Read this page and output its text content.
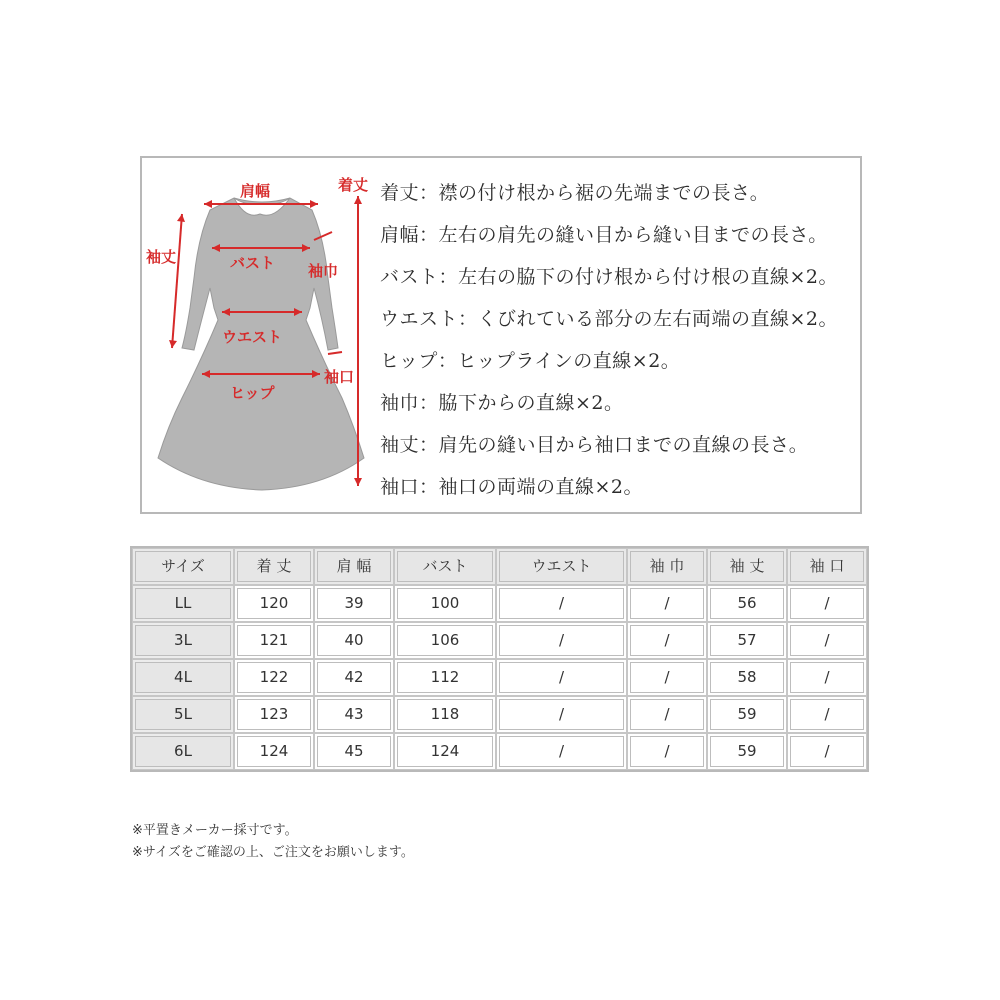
着丈
肩幅
袖丈	バスト 袖巾
ウエスト
袖口
ヒップ
着丈：襟の付け根から裾の先端までの長さ。
肩幅：左右の肩先の縫い目から縫い目までの長さ。
バスト：左右の脇下の付け根から付け根の直線×2。
ウエスト：くびれている部分の左右両端の直線×2。
ヒップ：ヒップラインの直線×2。
袖巾：脇下からの直線×2。
袖丈：肩先の縫い目から袖口までの直線の長さ。
袖口：袖口の両端の直線×2。
サイズ	着 丈	肩 幅	バスト	ウエスト	袖 巾	袖 丈	袖 口

LL	120	39	100	/	/	56	/

3L	121	40	106	/	/	57	/

4L	122	42	112	/	/	58	/

5L	123	43	118	/	/	59	/

6L	124	45	124	/	/	59	/
※平置きメーカー採寸です。
※サイズをご確認の上、ご注文をお願いします。
